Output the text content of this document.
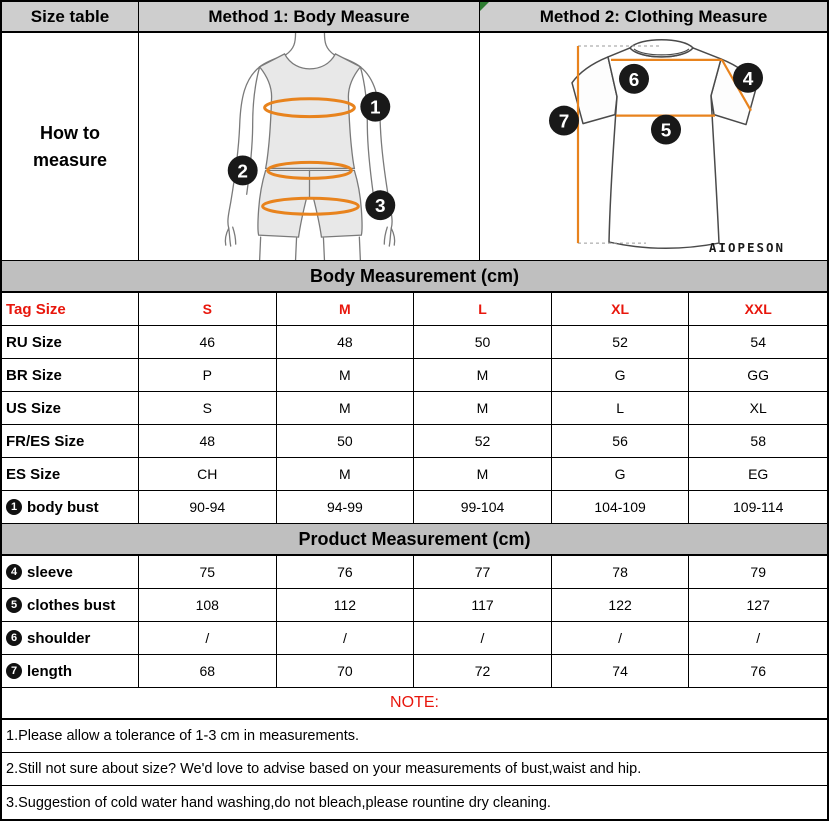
Size table	Method 1: Body Measure	Method 2: Clothing Measure
How to measure
1
2
3
6	4
7	5
AIOPESON
Body Measurement (cm)
Tag Size	S	M	L	XL	XXL
RU Size	46	48	50	52	54
BR Size	P	M	M	G	GG
US Size	S	M	M	L	XL
FR/ES Size	48	50	52	56	58
ES Size	CH	M	M	G	EG
1 body bust	90-94	94-99	99-104	104-109	109-114
Product Measurement (cm)
4 sleeve	75	76	77	78	79
5 clothes bust	108	112	117	122	127
6 shoulder	/	/	/	/	/
7 length	68	70	72	74	76
NOTE:
1.Please allow a tolerance of 1-3 cm in measurements.
2.Still not sure about size? We'd love to advise based on your measurements of bust,waist and hip.
3.Suggestion of cold water hand washing,do not bleach,please rountine dry cleaning.
